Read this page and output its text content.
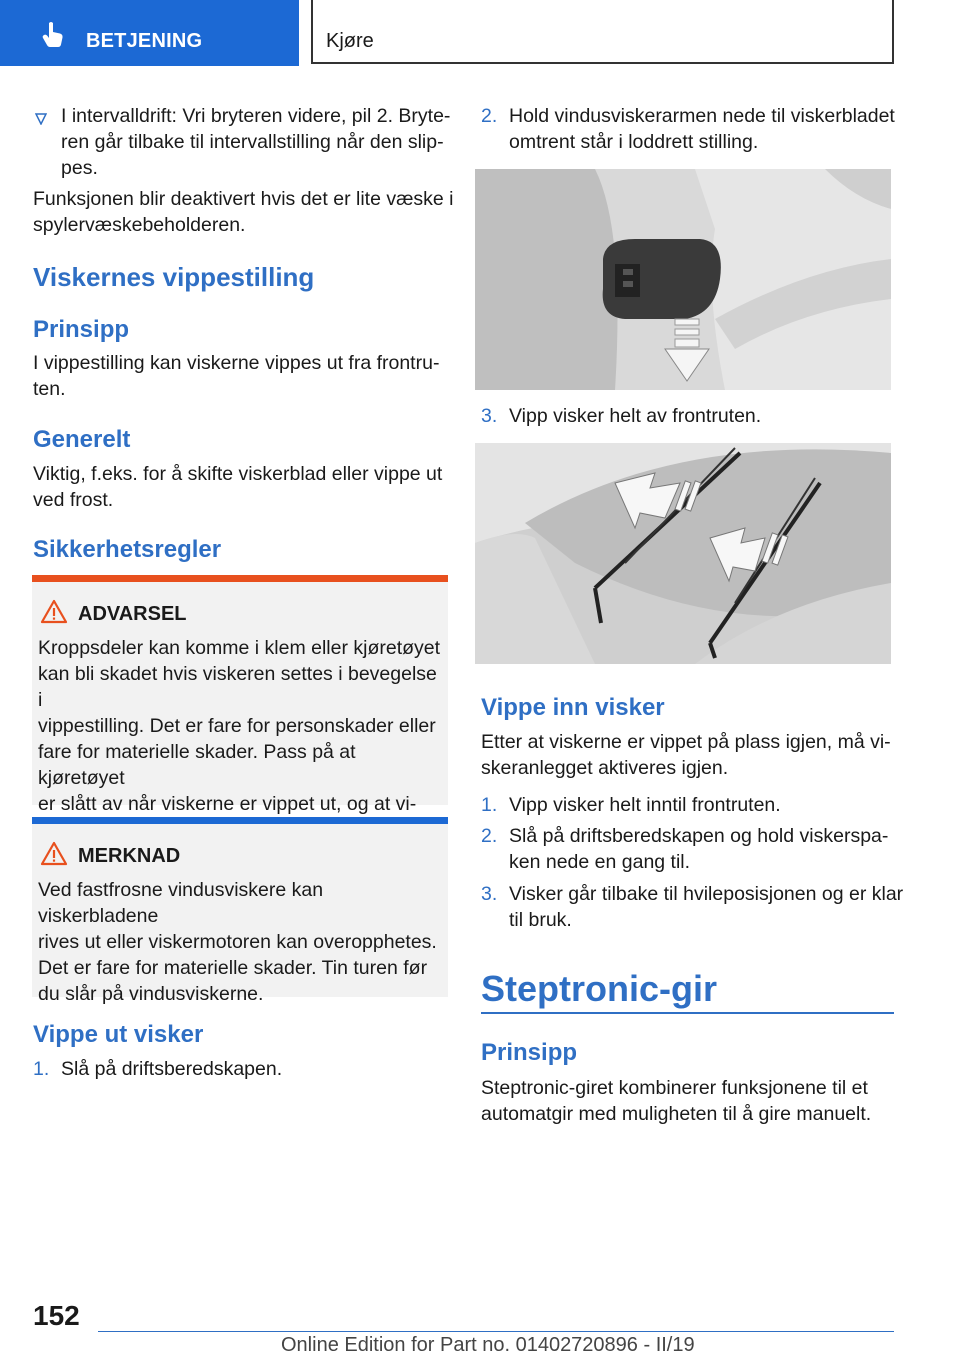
BETJENING	Kjøre
I intervalldrift: Vri bryteren videre, pil 2. Bryte-
ren går tilbake til intervallstilling når den slip-
pes.
Funksjonen blir deaktivert hvis det er lite væske i
spylervæskebeholderen.
Viskernes vippestilling
Prinsipp
I vippestilling kan viskerne vippes ut fra frontru-
ten.
Generelt
Viktig, f.eks. for å skifte viskerblad eller vippe ut
ved frost.
Sikkerhetsregler
ADVARSEL
Kroppsdeler kan komme i klem eller kjøretøyet
kan bli skadet hvis viskeren settes i bevegelse i
vippestilling. Det er fare for personskader eller
fare for materielle skader. Pass på at kjøretøyet
er slått av når viskerne er vippet ut, og at vi-
MERKNAD
Ved fastfrosne vindusviskere kan viskerbladene
rives ut eller viskermotoren kan overopphetes.
Det er fare for materielle skader. Tin turen før
du slår på vindusviskerne.
Vippe ut visker
1. Slå på driftsberedskapen.
2. Hold vindusviskerarmen nede til viskerbladet
omtrent står i loddrett stilling.
3. Vipp visker helt av frontruten.
Vippe inn visker
Etter at viskerne er vippet på plass igjen, må vi-
skeranlegget aktiveres igjen.
1. Vipp visker helt inntil frontruten.
2. Slå på driftsberedskapen og hold viskerspa-
ken nede en gang til.
3. Visker går tilbake til hvileposisjonen og er klar
til bruk.
Steptronic-gir
Prinsipp
Steptronic-giret kombinerer funksjonene til et
automatgir med muligheten til å gire manuelt.
152
Online Edition for Part no. 01402720896 - II/19
